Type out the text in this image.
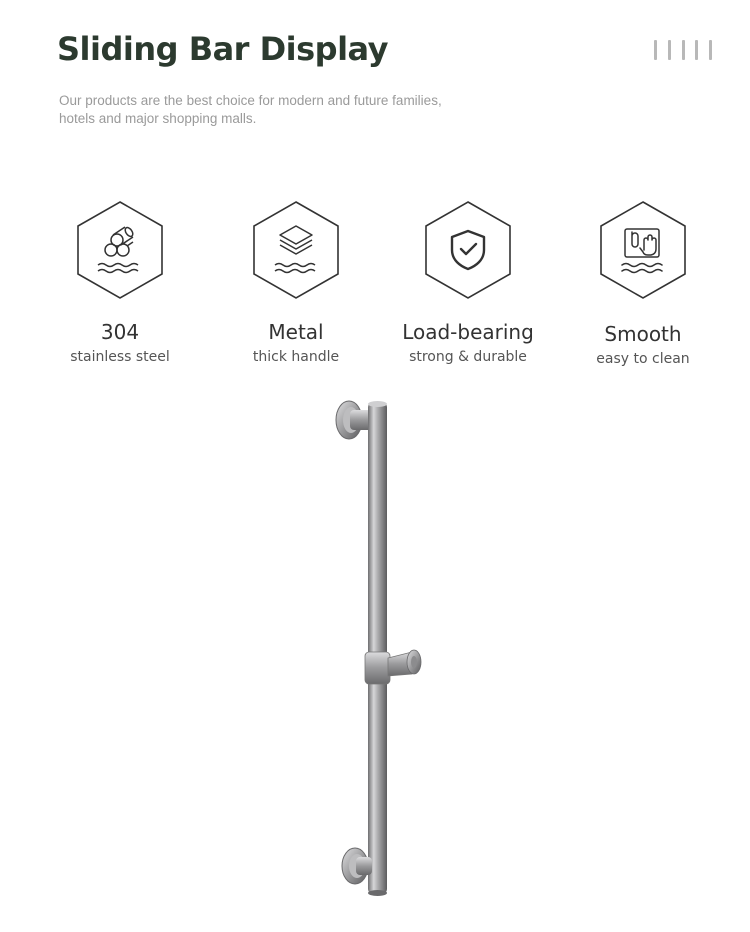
Sliding Bar Display

Our products are the best choice for modern and future families,
hotels and major shopping malls.

304
stainless steel
Metal
thick handle
Load-bearing
strong & durable
Smooth
easy to clean
